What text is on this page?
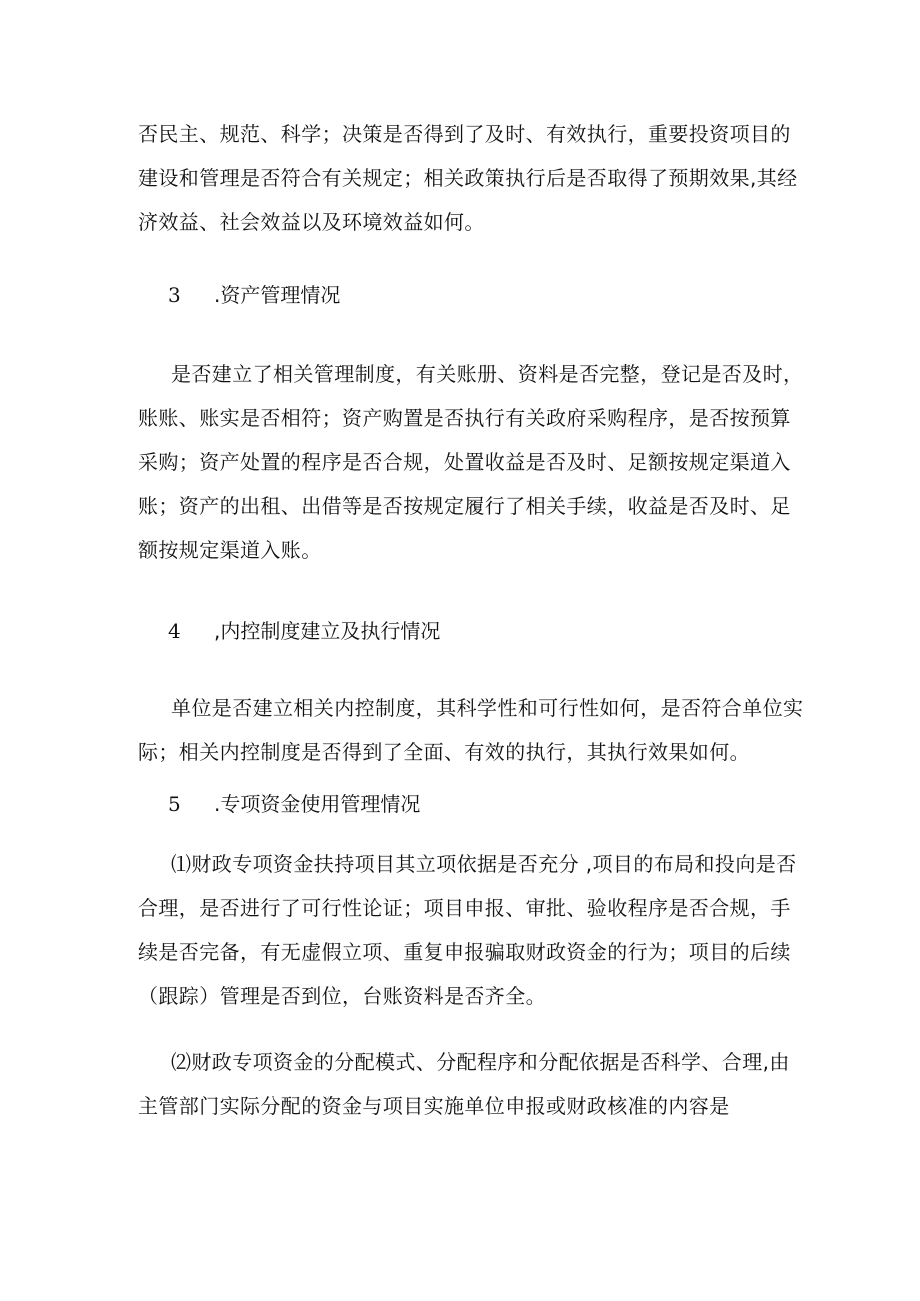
否民主、规范、科学；决策是否得到了及时、有效执行，重要投资项目的
建设和管理是否符合有关规定；相关政策执行后是否取得了预期效果,其经
济效益、社会效益以及环境效益如何。

3 .资产管理情况

是否建立了相关管理制度，有关账册、资料是否完整，登记是否及时，
账账、账实是否相符；资产购置是否执行有关政府采购程序，是否按预算
采购；资产处置的程序是否合规，处置收益是否及时、足额按规定渠道入
账；资产的出租、出借等是否按规定履行了相关手续，收益是否及时、足
额按规定渠道入账。

4 ,内控制度建立及执行情况

单位是否建立相关内控制度，其科学性和可行性如何，是否符合单位实
际；相关内控制度是否得到了全面、有效的执行，其执行效果如何。

5 .专项资金使用管理情况

⑴财政专项资金扶持项目其立项依据是否充分 ,项目的布局和投向是否
合理，是否进行了可行性论证；项目申报、审批、验收程序是否合规，手
续是否完备，有无虚假立项、重复申报骗取财政资金的行为；项目的后续
（跟踪）管理是否到位，台账资料是否齐全。

⑵财政专项资金的分配模式、分配程序和分配依据是否科学、合理,由
主管部门实际分配的资金与项目实施单位申报或财政核准的内容是
